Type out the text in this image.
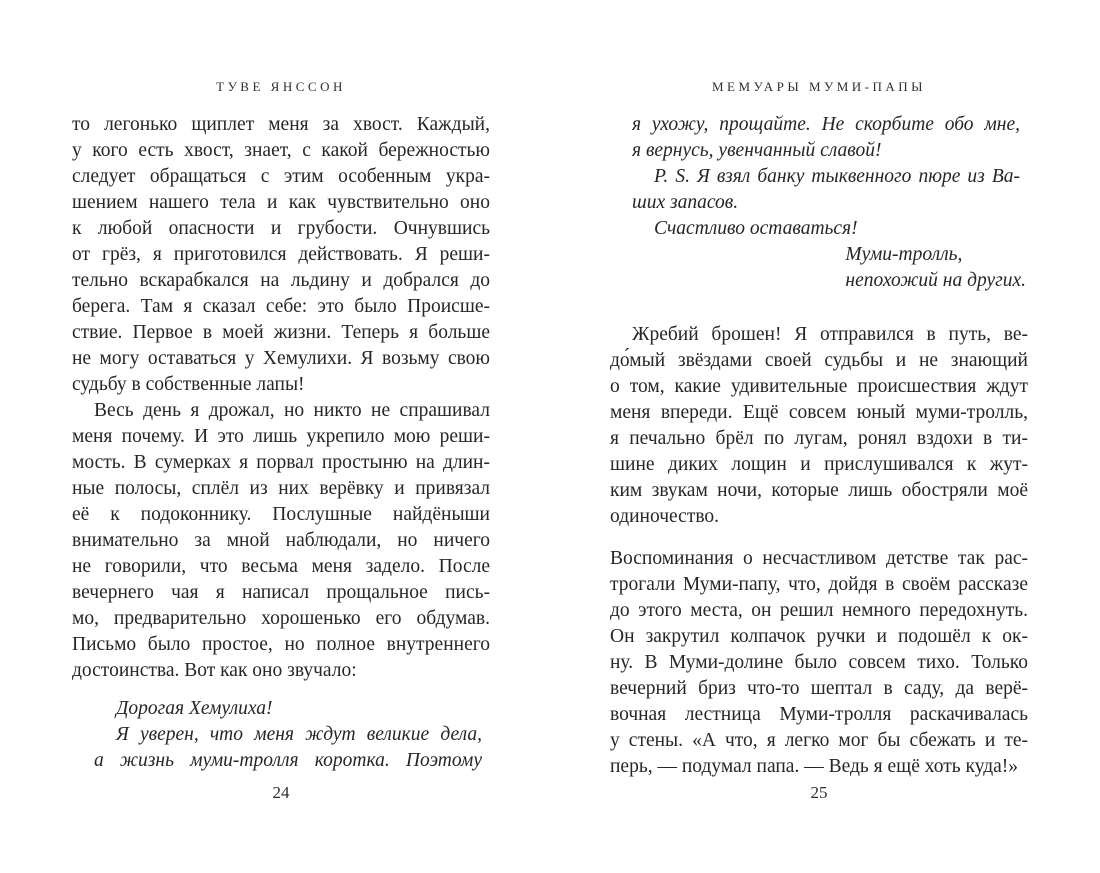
ТУВЕ ЯНССОН
то легонько щиплет меня за хвост. Каждый,
у кого есть хвост, знает, с какой бережностью
следует обращаться с этим особенным укра-
шением нашего тела и как чувствительно оно
к любой опасности и грубости. Очнувшись
от грёз, я приготовился действовать. Я реши-
тельно вскарабкался на льдину и добрался до
берега. Там я сказал себе: это было Происше-
ствие. Первое в моей жизни. Теперь я больше
не могу оставаться у Хемулихи. Я возьму свою
судьбу в собственные лапы!
Весь день я дрожал, но никто не спрашивал
меня почему. И это лишь укрепило мою реши-
мость. В сумерках я порвал простыню на длин-
ные полосы, сплёл из них верёвку и привязал
её к подоконнику. Послушные найдёныши
внимательно за мной наблюдали, но ничего
не говорили, что весьма меня задело. После
вечернего чая я написал прощальное пись-
мо, предварительно хорошенько его обдумав.
Письмо было простое, но полное внутреннего
достоинства. Вот как оно звучало:
Дорогая Хемулиха!
Я уверен, что меня ждут великие дела,
а жизнь муми-тролля коротка. Поэтому
24
МЕМУАРЫ МУМИ-ПАПЫ
я ухожу, прощайте. Не скорбите обо мне,
я вернусь, увенчанный славой!
P. S. Я взял банку тыквенного пюре из Ва-
ших запасов.
Счастливо оставаться!
Муми-тролль,
непохожий на других.
Жребий брошен! Я отправился в путь, ве-
до́мый звёздами своей судьбы и не знающий
о том, какие удивительные происшествия ждут
меня впереди. Ещё совсем юный муми-тролль,
я печально брёл по лугам, ронял вздохи в ти-
шине диких лощин и прислушивался к жут-
ким звукам ночи, которые лишь обостряли моё
одиночество.
Воспоминания о несчастливом детстве так рас-
трогали Муми-папу, что, дойдя в своём рассказе
до этого места, он решил немного передохнуть.
Он закрутил колпачок ручки и подошёл к ок-
ну. В Муми-долине было совсем тихо. Только
вечерний бриз что-то шептал в саду, да верё-
вочная лестница Муми-тролля раскачивалась
у стены. «А что, я легко мог бы сбежать и те-
перь, — подумал папа. — Ведь я ещё хоть куда!»
25
